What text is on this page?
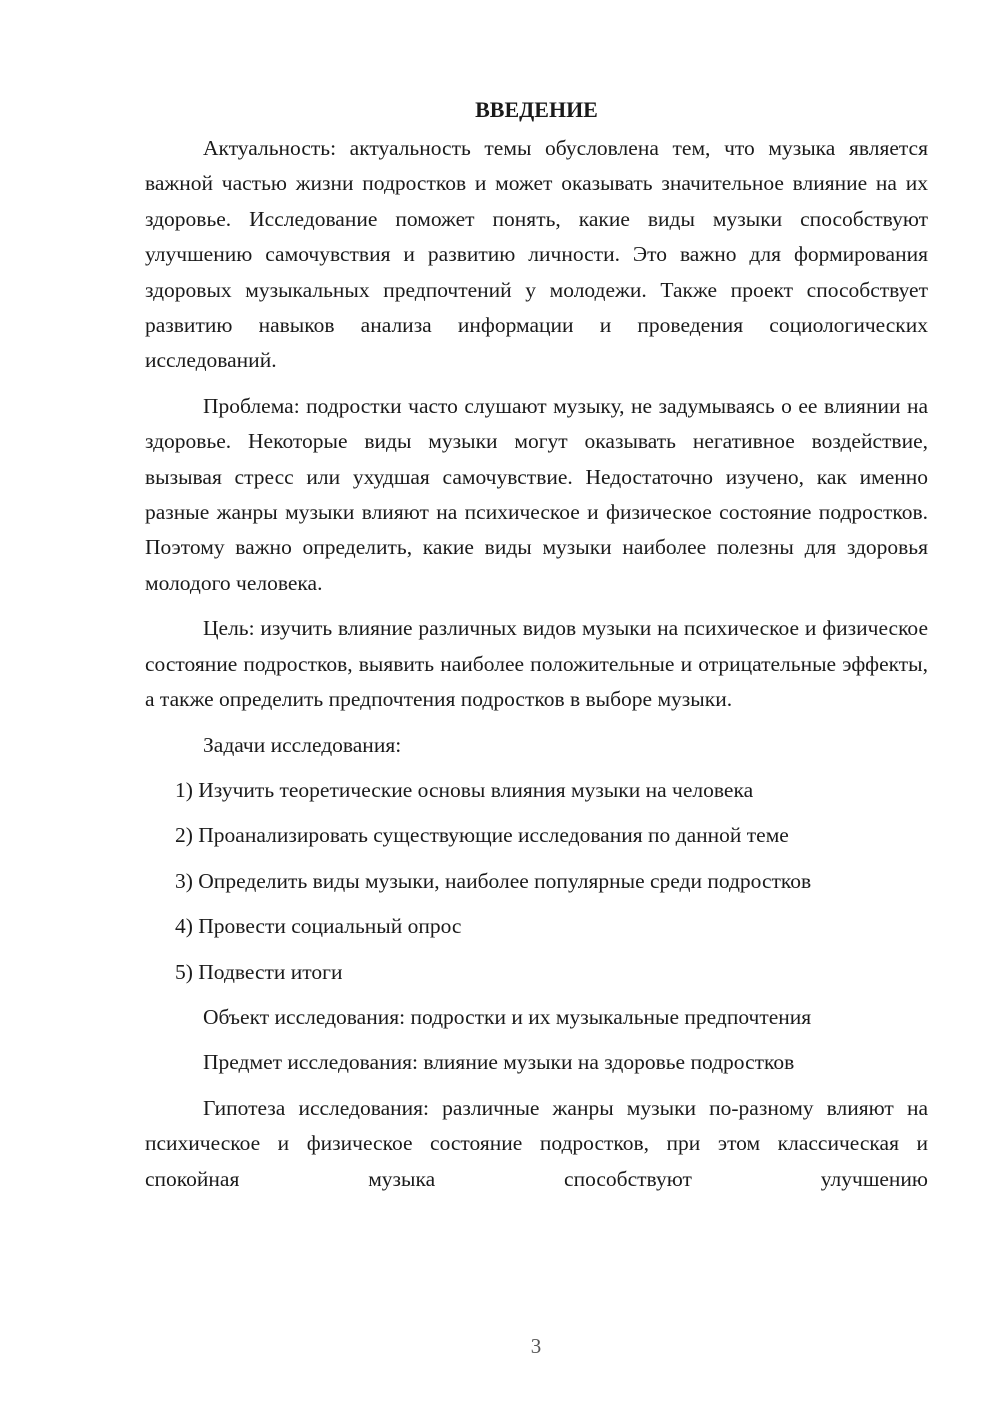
ВВЕДЕНИЕ

Актуальность: актуальность темы обусловлена тем, что музыка является важной частью жизни подростков и может оказывать значительное влияние на их здоровье. Исследование поможет понять, какие виды музыки способствуют улучшению самочувствия и развитию личности. Это важно для формирования здоровых музыкальных предпочтений у молодежи. Также проект способствует развитию навыков анализа информации и проведения социологических исследований.

Проблема: подростки часто слушают музыку, не задумываясь о ее влиянии на здоровье. Некоторые виды музыки могут оказывать негативное воздействие, вызывая стресс или ухудшая самочувствие. Недостаточно изучено, как именно разные жанры музыки влияют на психическое и физическое состояние подростков. Поэтому важно определить, какие виды музыки наиболее полезны для здоровья молодого человека.

Цель: изучить влияние различных видов музыки на психическое и физическое состояние подростков, выявить наиболее положительные и отрицательные эффекты, а также определить предпочтения подростков в выборе музыки.

Задачи исследования:

1) Изучить теоретические основы влияния музыки на человека

2) Проанализировать существующие исследования по данной теме

3) Определить виды музыки, наиболее популярные среди подростков

4) Провести социальный опрос

5) Подвести итоги

Объект исследования: подростки и их музыкальные предпочтения

Предмет исследования: влияние музыки на здоровье подростков

Гипотеза исследования: различные жанры музыки по-разному влияют на психическое и физическое состояние подростков, при этом классическая и спокойная музыка способствуют улучшению

3
